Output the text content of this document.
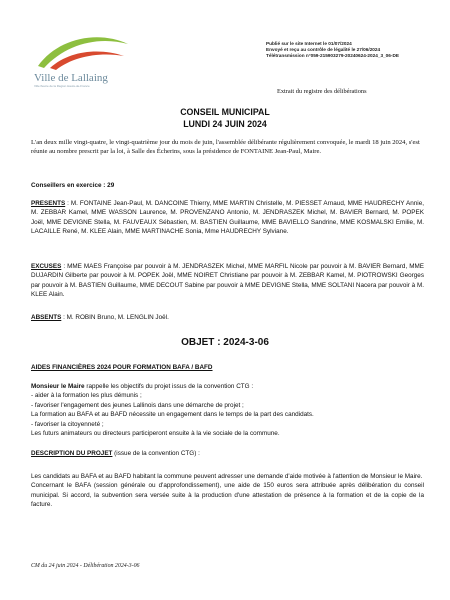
Ville de Lallaing
Ville fleurie de la Région Hauts-de-France
Publié sur le site Internet le 01/07/2024
Envoyé et reçu au contrôle de légalité le 27/06/2024
Télétransmission n°059-215903279-20240624-2024_3_06-DE
Extrait du registre des délibérations
CONSEIL MUNICIPAL
LUNDI 24 JUIN 2024
L'an deux mille vingt-quatre, le vingt-quatrième jour du mois de juin, l'assemblée délibérante régulièrement convoquée, le mardi 18 juin 2024, s'est réunie au nombre prescrit par la loi, à Salle des Écherins, sous la présidence de FONTAINE Jean-Paul, Maire.
Conseillers en exercice : 29
PRESENTS : M. FONTAINE Jean-Paul, M. DANCOINE Thierry, MME MARTIN Christelle, M. PIESSET Arnaud, MME HAUDRECHY Annie, M. ZEBBAR Kamel, MME WASSON Laurence, M. PROVENZANO Antonio, M. JENDRASZEK Michel, M. BAVIER Bernard, M. POPEK Joël, MME DEVIGNE Stella, M. FAUVEAUX Sébastien, M. BASTIEN Guillaume, MME BAVIELLO Sandrine, MME KOSMALSKI Emilie, M. LACAILLE René, M. KLEE Alain, MME MARTINACHE Sonia, Mme HAUDRECHY Sylviane.
EXCUSES : MME MAES Françoise par pouvoir à M. JENDRASZEK Michel, MME MARFIL Nicole par pouvoir à M. BAVIER Bernard, MME DUJARDIN Gilberte par pouvoir à M. POPEK Joël, MME NOIRET Christiane par pouvoir à M. ZEBBAR Kamel, M. PIOTROWSKI Georges par pouvoir à M. BASTIEN Guillaume, MME DECOUT Sabine par pouvoir à MME DEVIGNE Stella, MME SOLTANI Nacera par pouvoir à M. KLEE Alain.
ABSENTS : M. ROBIN Bruno, M. LENGLIN Joël.
OBJET : 2024-3-06
AIDES FINANCIÈRES 2024 POUR FORMATION BAFA / BAFD
Monsieur le Maire rappelle les objectifs du projet issus de la convention CTG :
- aider à la formation les plus démunis ;
- favoriser l'engagement des jeunes Lallinois dans une démarche de projet ;
La formation au BAFA et au BAFD nécessite un engagement dans le temps de la part des candidats.
- favoriser la citoyenneté ;
Les futurs animateurs ou directeurs participeront ensuite à la vie sociale de la commune.
DESCRIPTION DU PROJET (issue de la convention CTG) :
Les candidats au BAFA et au BAFD habitant la commune peuvent adresser une demande d'aide motivée à l'attention de Monsieur le Maire.
Concernant le BAFA (session générale ou d'approfondissement), une aide de 150 euros sera attribuée après délibération du conseil municipal. Si accord, la subvention sera versée suite à la production d'une attestation de présence à la formation et de la copie de la facture.
CM du 24 juin 2024 - Délibération 2024-3-06
